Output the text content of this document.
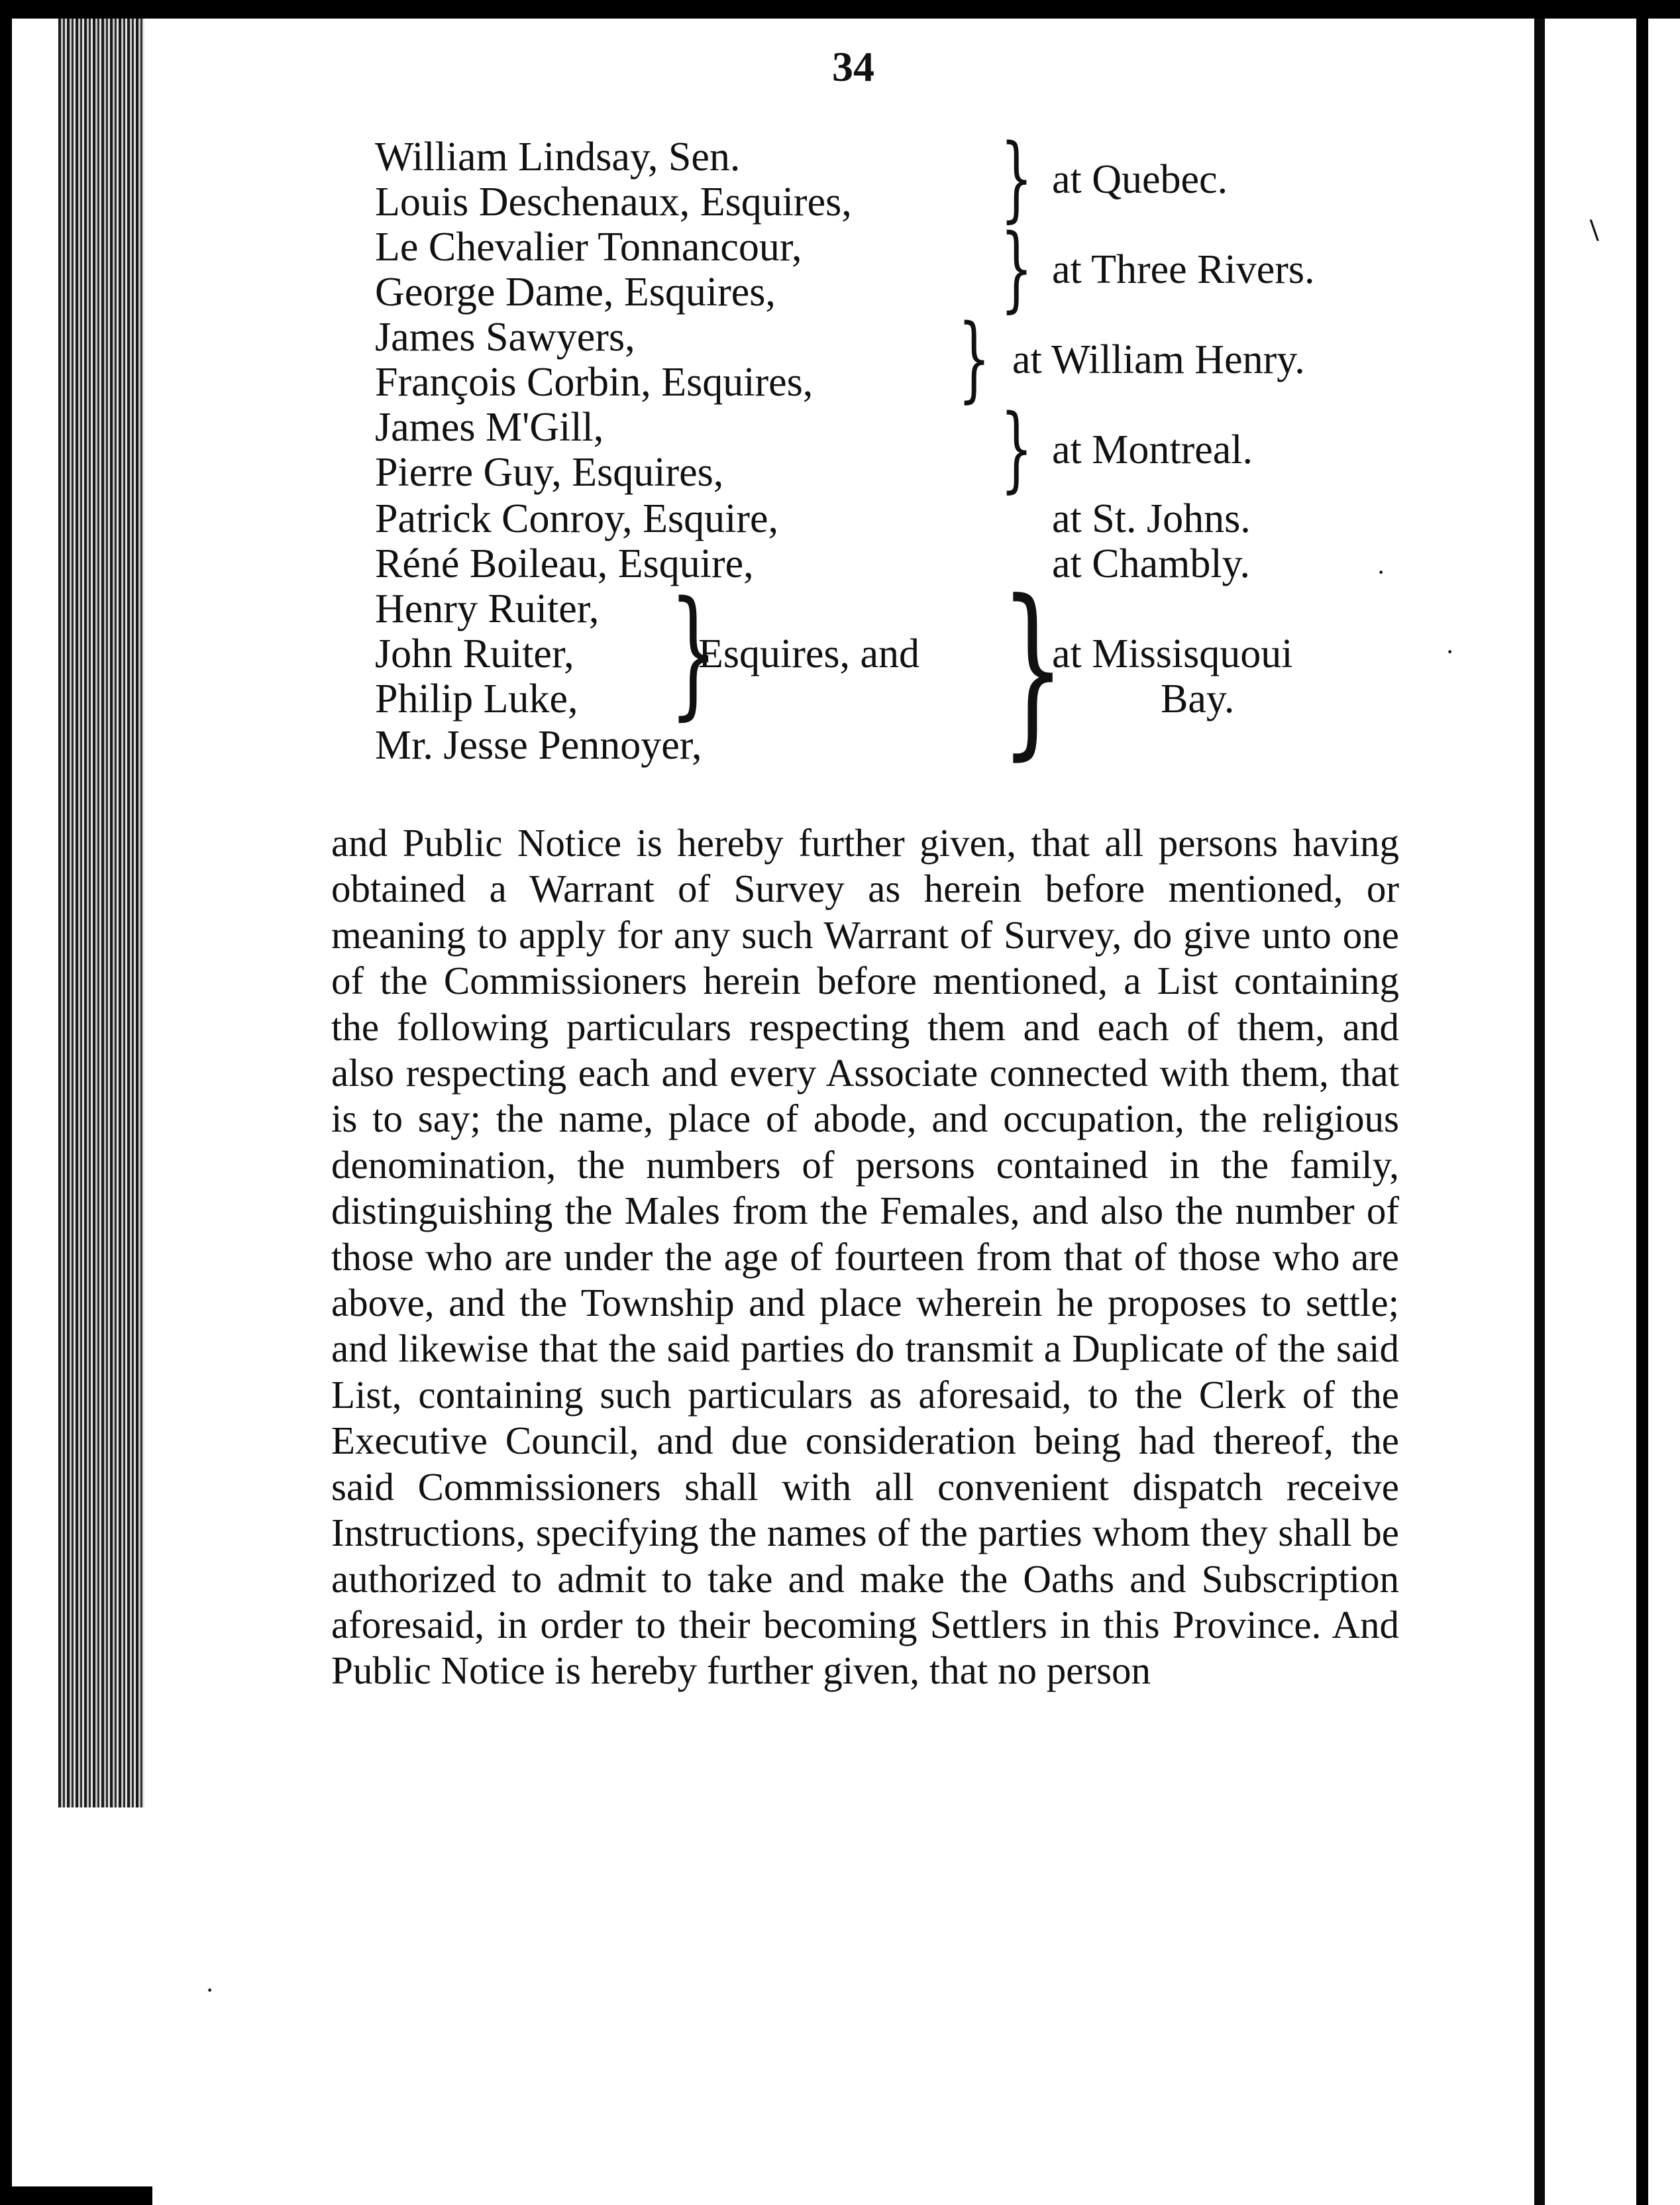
34
William Lindsay, Sen.
Louis Deschenaux, Esquires,
Le Chevalier Tonnancour,
George Dame, Esquires,
James Sawyers,
François Corbin, Esquires,
James M'Gill,
Pierre Guy, Esquires,
Patrick Conroy, Esquire,
Réné Boileau, Esquire,
Henry Ruiter,
John Ruiter,
Philip Luke,
Mr. Jesse Pennoyer,
}
}
}
}
} }
Esquires, and
at Quebec.
at Three Rivers.
at William Henry.
at Montreal.
at St. Johns.
at Chambly.
at Missisquoui
Bay.
and Public Notice is hereby further given, that all persons having obtained a Warrant of Survey as herein before mentioned, or meaning to apply for any such Warrant of Survey, do give unto one of the Commissioners herein before mentioned, a List containing the following particulars respecting them and each of them, and also respecting each and every Associate connected with them, that is to say; the name, place of abode, and occupation, the religious denomination, the numbers of persons contained in the family, distinguishing the Males from the Females, and also the number of those who are under the age of fourteen from that of those who are above, and the Township and place wherein he proposes to settle; and likewise that the said parties do transmit a Duplicate of the said List, containing such particulars as aforesaid, to the Clerk of the Executive Council, and due consideration being had thereof, the said Commissioners shall with all convenient dispatch receive Instructions, specifying the names of the parties whom they shall be authorized to admit to take and make the Oaths and Subscription aforesaid, in order to their becoming Settlers in this Province. And Public Notice is hereby further given, that no person
\
·
·
·
